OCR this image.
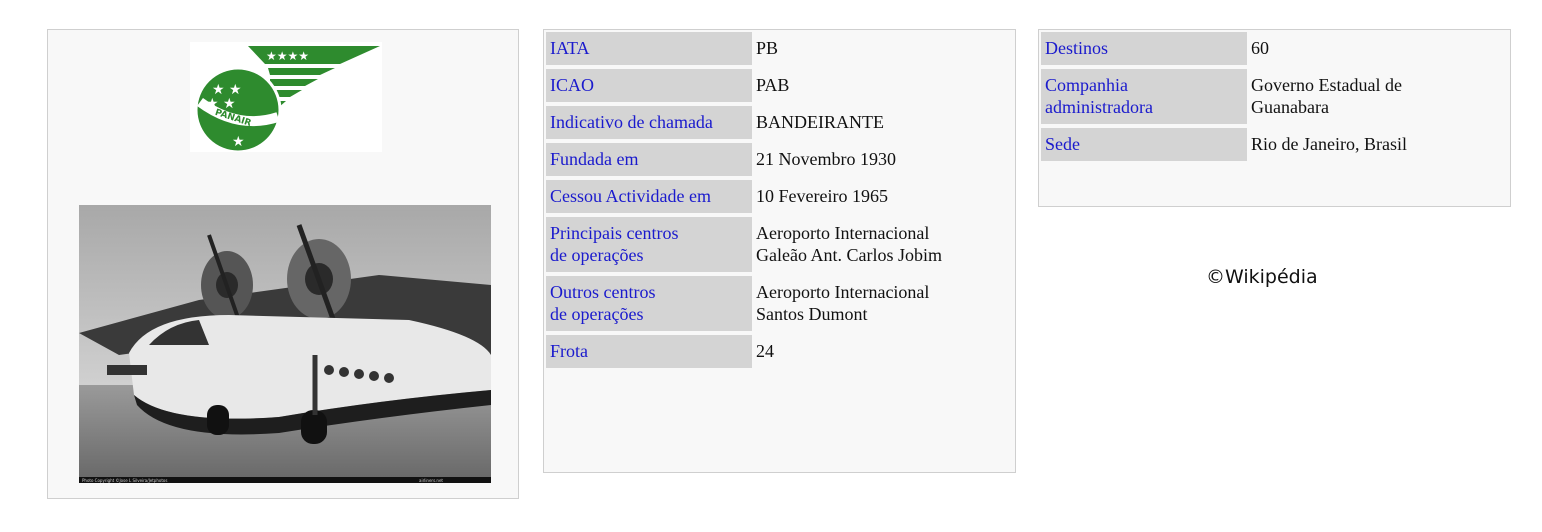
★★★★
PANAIR
★ ★
★ ★
★
Photo Copyright ©Jose L Silveira/Jetphotos	airliners.net
IATA	PB
ICAO	PAB
Indicativo de chamada	BANDEIRANTE
Fundada em	21 Novembro 1930
Cessou Actividade em	10 Fevereiro 1965
Principais centros
de operações	Aeroporto Internacional
Galeão Ant. Carlos Jobim
Outros centros
de operações	Aeroporto Internacional
Santos Dumont
Frota	24
Destinos	60
Companhia
administradora	Governo Estadual de
Guanabara
Sede	Rio de Janeiro, Brasil
©Wikipédia
